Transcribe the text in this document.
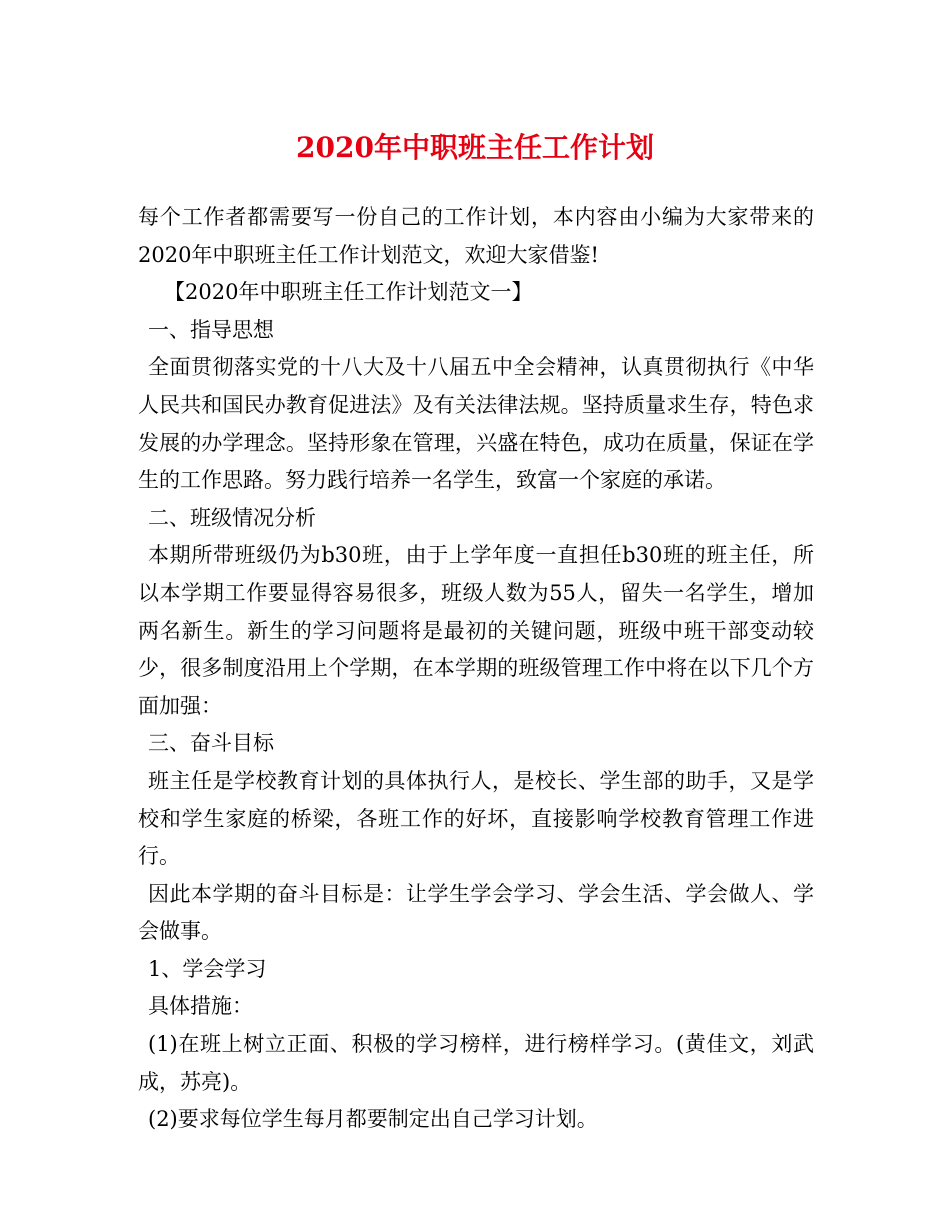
2020年中职班主任工作计划

每个工作者都需要写一份自己的工作计划，本内容由小编为大家带来的2020年中职班主任工作计划范文，欢迎大家借鉴!

【2020年中职班主任工作计划范文一】

一、指导思想

全面贯彻落实党的十八大及十八届五中全会精神，认真贯彻执行《中华人民共和国民办教育促进法》及有关法律法规。坚持质量求生存，特色求发展的办学理念。坚持形象在管理，兴盛在特色，成功在质量，保证在学生的工作思路。努力践行培养一名学生，致富一个家庭的承诺。

二、班级情况分析

本期所带班级仍为b30班，由于上学年度一直担任b30班的班主任，所以本学期工作要显得容易很多，班级人数为55人，留失一名学生，增加两名新生。新生的学习问题将是最初的关键问题，班级中班干部变动较少，很多制度沿用上个学期，在本学期的班级管理工作中将在以下几个方面加强：

三、奋斗目标

班主任是学校教育计划的具体执行人，是校长、学生部的助手，又是学校和学生家庭的桥梁，各班工作的好坏，直接影响学校教育管理工作进行。

因此本学期的奋斗目标是：让学生学会学习、学会生活、学会做人、学会做事。

1、学会学习

具体措施：

(1)在班上树立正面、积极的学习榜样，进行榜样学习。(黄佳文，刘武成，苏亮)。

(2)要求每位学生每月都要制定出自己学习计划。
